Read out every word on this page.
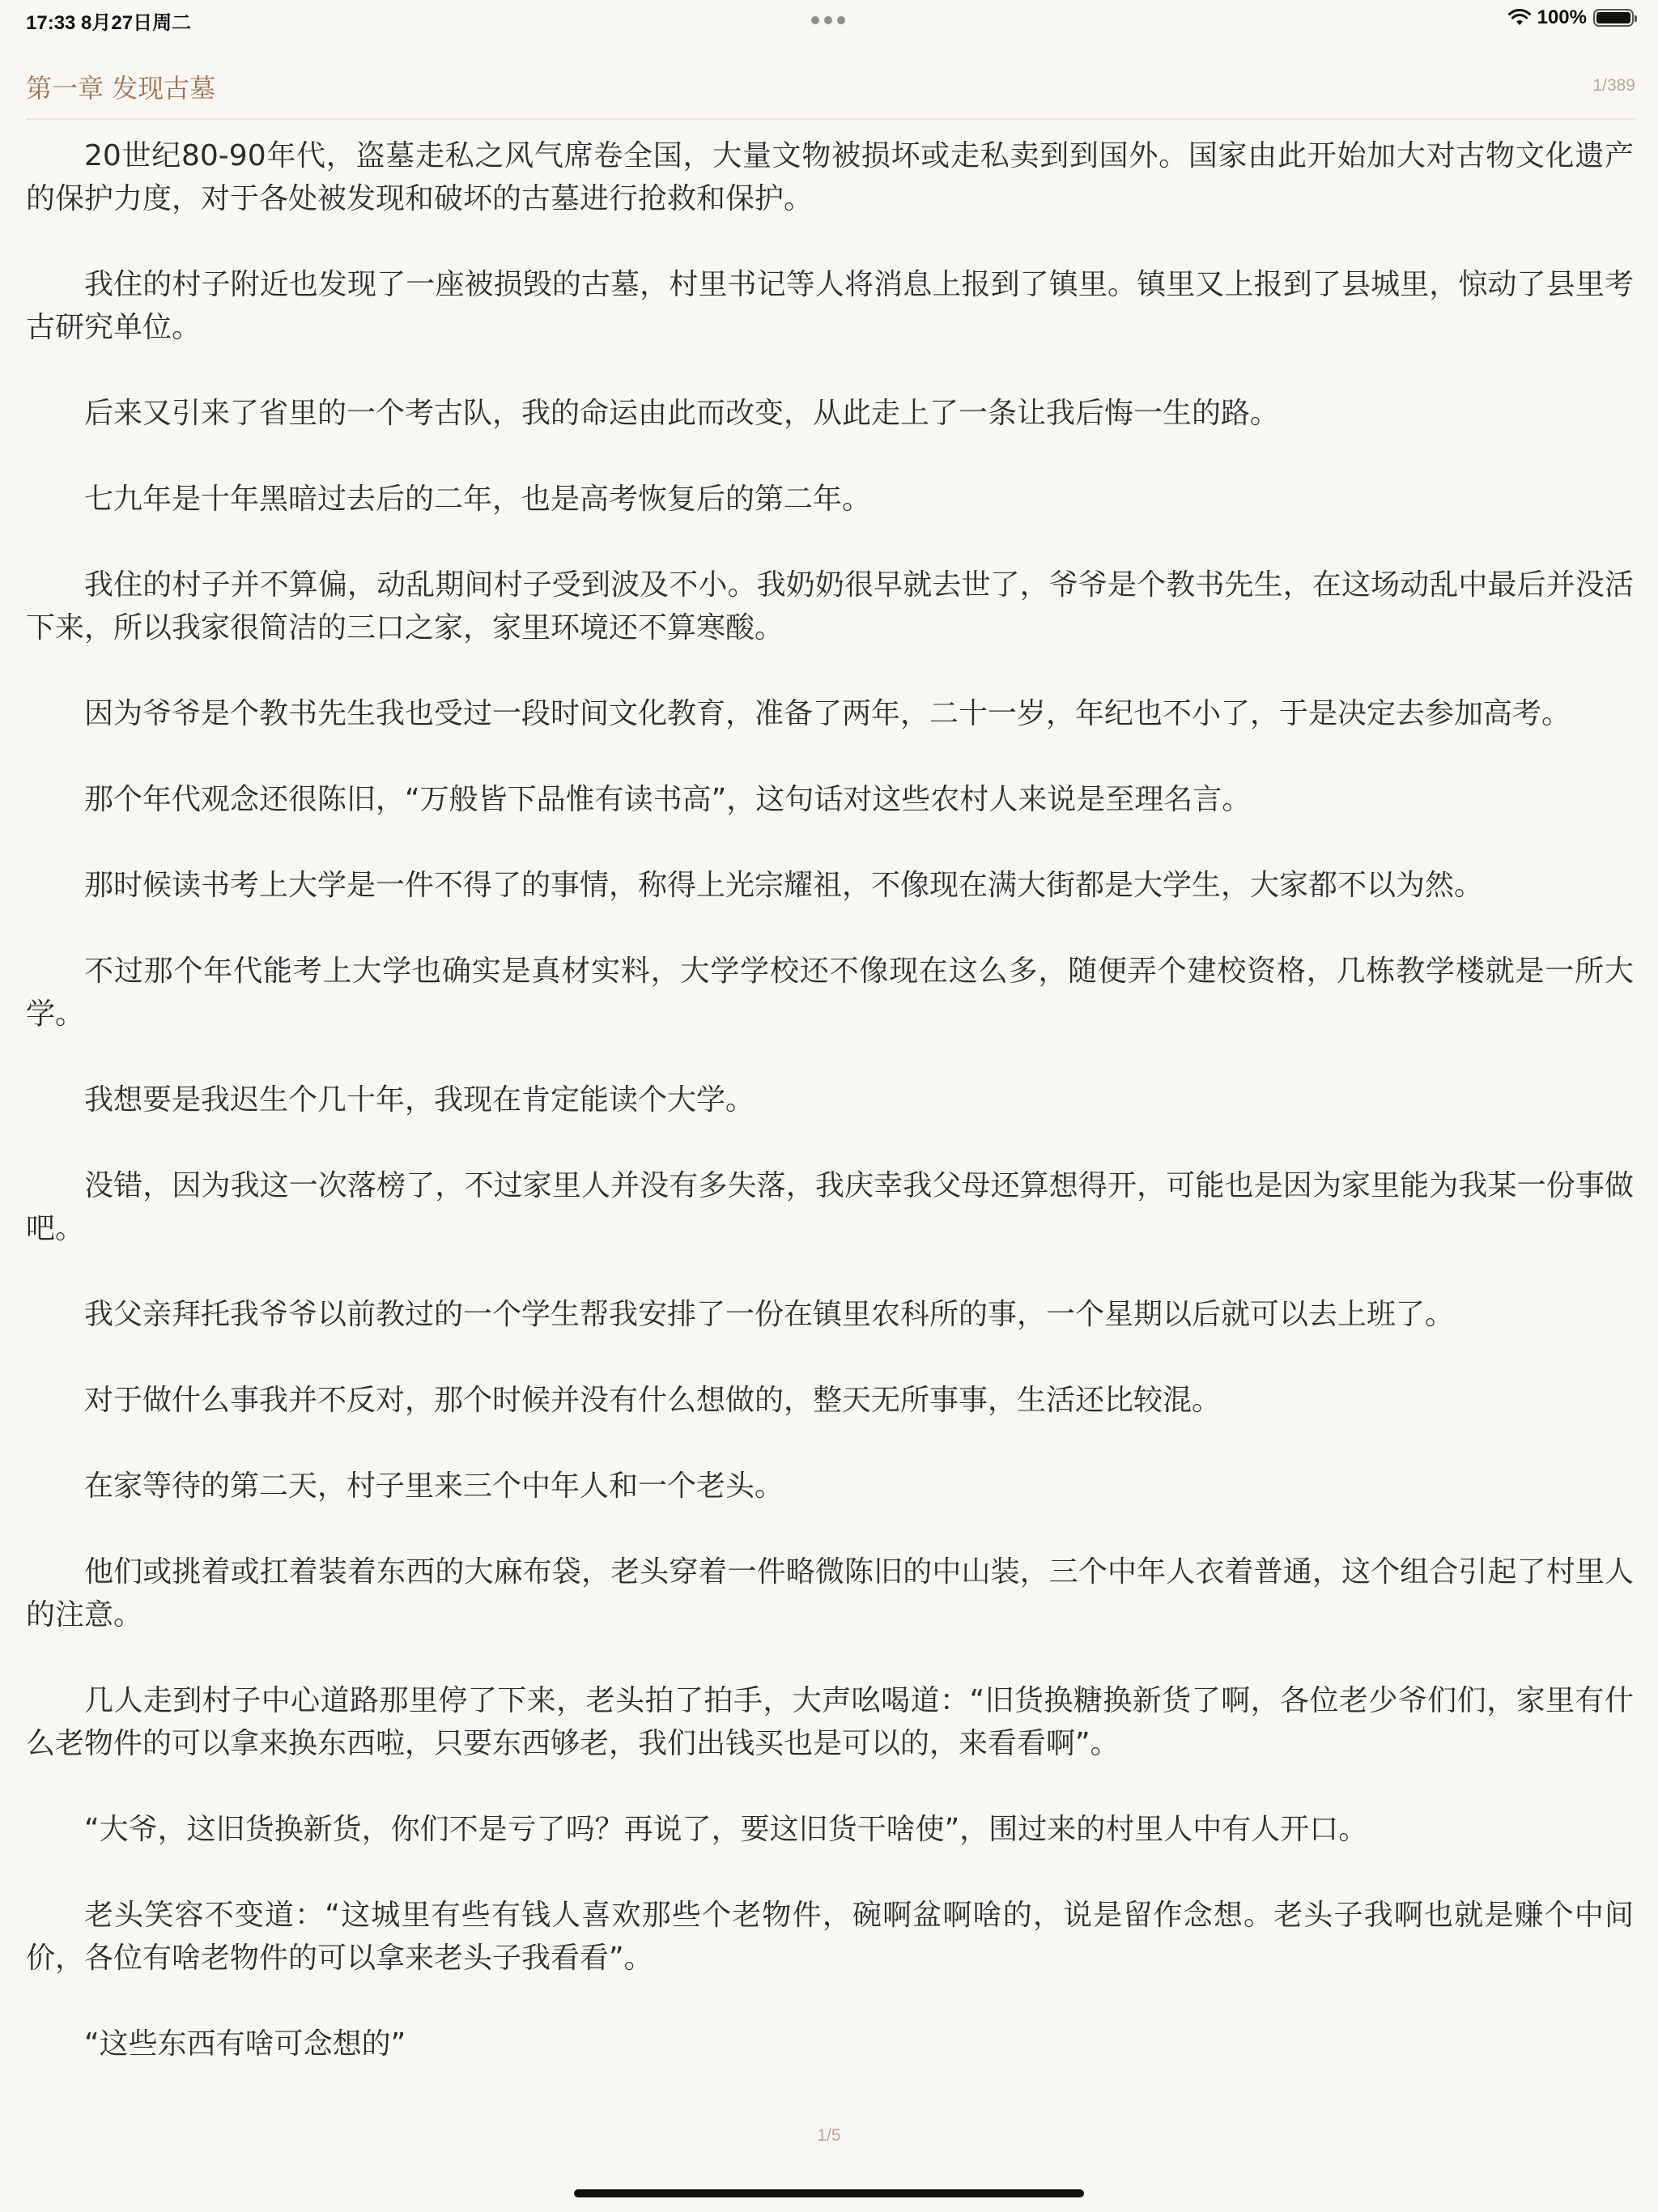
17:33 8月27日周二	100%
第一章 发现古墓	1/389

20世纪80-90年代，盗墓走私之风气席卷全国，大量文物被损坏或走私卖到到国外。国家由此开始加大对古物文化遗产的保护力度，对于各处被发现和破坏的古墓进行抢救和保护。

我住的村子附近也发现了一座被损毁的古墓，村里书记等人将消息上报到了镇里。镇里又上报到了县城里，惊动了县里考古研究单位。

后来又引来了省里的一个考古队，我的命运由此而改变，从此走上了一条让我后悔一生的路。

七九年是十年黑暗过去后的二年，也是高考恢复后的第二年。

我住的村子并不算偏，动乱期间村子受到波及不小。我奶奶很早就去世了，爷爷是个教书先生，在这场动乱中最后并没活下来，所以我家很简洁的三口之家，家里环境还不算寒酸。

因为爷爷是个教书先生我也受过一段时间文化教育，准备了两年，二十一岁，年纪也不小了，于是决定去参加高考。

那个年代观念还很陈旧，“万般皆下品惟有读书高”，这句话对这些农村人来说是至理名言。

那时候读书考上大学是一件不得了的事情，称得上光宗耀祖，不像现在满大街都是大学生，大家都不以为然。

不过那个年代能考上大学也确实是真材实料，大学学校还不像现在这么多，随便弄个建校资格，几栋教学楼就是一所大学。

我想要是我迟生个几十年，我现在肯定能读个大学。

没错，因为我这一次落榜了，不过家里人并没有多失落，我庆幸我父母还算想得开，可能也是因为家里能为我某一份事做吧。

我父亲拜托我爷爷以前教过的一个学生帮我安排了一份在镇里农科所的事，一个星期以后就可以去上班了。

对于做什么事我并不反对，那个时候并没有什么想做的，整天无所事事，生活还比较混。

在家等待的第二天，村子里来三个中年人和一个老头。

他们或挑着或扛着装着东西的大麻布袋，老头穿着一件略微陈旧的中山装，三个中年人衣着普通，这个组合引起了村里人的注意。

几人走到村子中心道路那里停了下来，老头拍了拍手，大声吆喝道：“旧货换糖换新货了啊，各位老少爷们们，家里有什么老物件的可以拿来换东西啦，只要东西够老，我们出钱买也是可以的，来看看啊”。

“大爷，这旧货换新货，你们不是亏了吗？再说了，要这旧货干啥使”，围过来的村里人中有人开口。

老头笑容不变道：“这城里有些有钱人喜欢那些个老物件，碗啊盆啊啥的，说是留作念想。老头子我啊也就是赚个中间价，各位有啥老物件的可以拿来老头子我看看”。

“这些东西有啥可念想的”

1/5
